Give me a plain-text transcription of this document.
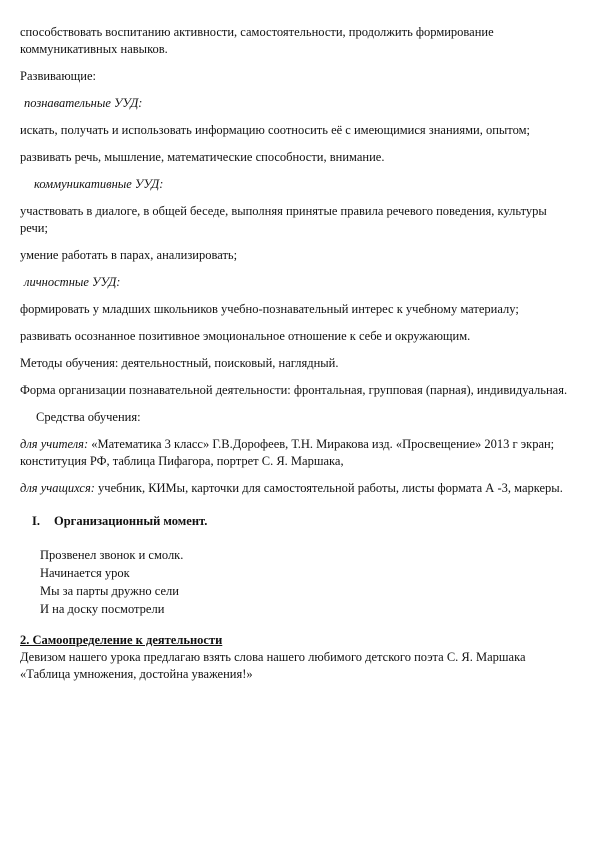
способствовать воспитанию активности, самостоятельности, продолжить формирование коммуникативных навыков.

Развивающие:

познавательные УУД:

искать, получать и использовать информацию соотносить её с имеющимися знаниями, опытом;

развивать речь, мышление, математические способности, внимание.

коммуникативные УУД:

участвовать в диалоге, в общей беседе, выполняя принятые правила речевого поведения, культуры речи;

умение работать в парах, анализировать;

личностные УУД:

формировать у младших школьников учебно-познавательный интерес к учебному материалу;

развивать осознанное позитивное эмоциональное отношение к себе и окружающим.

Методы обучения: деятельностный, поисковый, наглядный.

Форма организации познавательной деятельности: фронтальная, групповая (парная), индивидуальная.

Средства обучения:

для учителя: «Математика 3 класс» Г.В.Дорофеев, Т.Н. Миракова изд. «Просвещение» 2013 г экран; конституция РФ, таблица Пифагора, портрет С. Я. Маршака,

для учащихся: учебник, КИМы, карточки для самостоятельной работы, листы формата А -3, маркеры.

I. Организационный момент.

Прозвенел звонок и смолк.

Начинается урок

Мы за парты дружно сели

И на доску посмотрели

2. Самоопределение к деятельности

Девизом нашего урока предлагаю взять слова нашего любимого детского поэта С. Я. Маршака «Таблица умножения, достойна уважения!»
